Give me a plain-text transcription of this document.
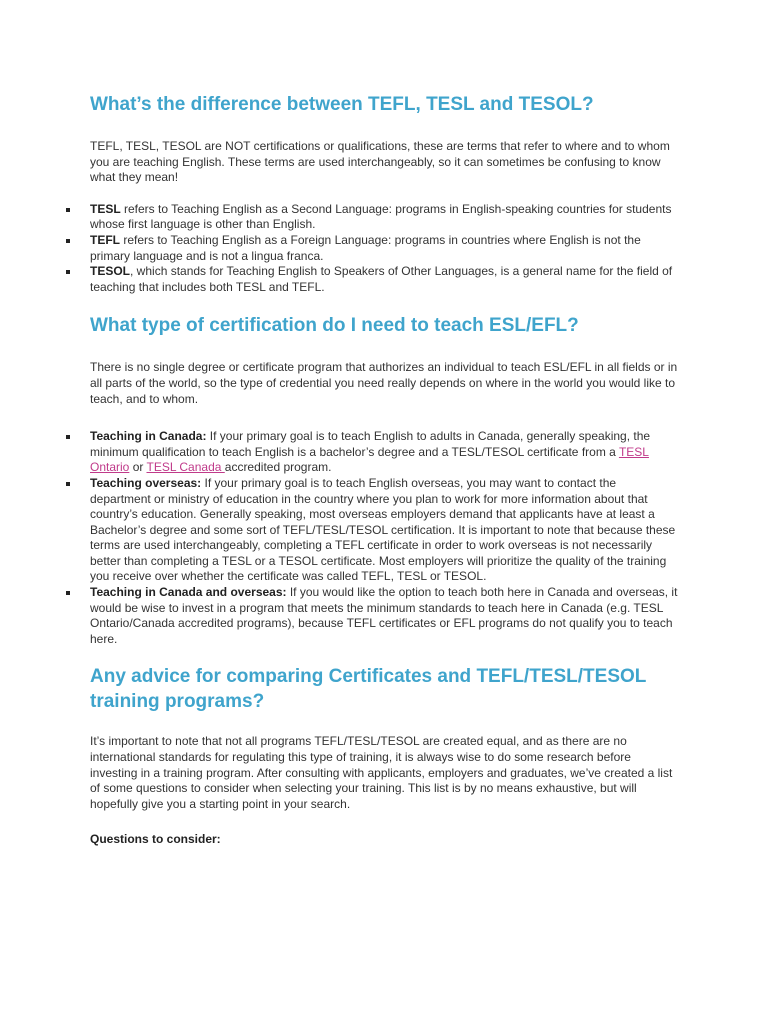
What’s the difference between TEFL, TESL and TESOL?

TEFL, TESL, TESOL are NOT certifications or qualifications, these are terms that refer to where and to whom you are teaching English. These terms are used interchangeably, so it can sometimes be confusing to know what they mean!

TESL refers to Teaching English as a Second Language: programs in English-speaking countries for students whose first language is other than English.
TEFL refers to Teaching English as a Foreign Language: programs in countries where English is not the primary language and is not a lingua franca.
TESOL, which stands for Teaching English to Speakers of Other Languages, is a general name for the field of teaching that includes both TESL and TEFL.
What type of certification do I need to teach ESL/EFL?

There is no single degree or certificate program that authorizes an individual to teach ESL/EFL in all fields or in all parts of the world, so the type of credential you need really depends on where in the world you would like to teach, and to whom.

Teaching in Canada: If your primary goal is to teach English to adults in Canada, generally speaking, the minimum qualification to teach English is a bachelor’s degree and a TESL/TESOL certificate from a TESL Ontario or TESL Canada accredited program.
Teaching overseas: If your primary goal is to teach English overseas, you may want to contact the department or ministry of education in the country where you plan to work for more information about that country’s education. Generally speaking, most overseas employers demand that applicants have at least a Bachelor’s degree and some sort of TEFL/TESL/TESOL certification. It is important to note that because these terms are used interchangeably, completing a TEFL certificate in order to work overseas is not necessarily better than completing a TESL or a TESOL certificate. Most employers will prioritize the quality of the training you receive over whether the certificate was called TEFL, TESL or TESOL.
Teaching in Canada and overseas: If you would like the option to teach both here in Canada and overseas, it would be wise to invest in a program that meets the minimum standards to teach here in Canada (e.g. TESL Ontario/Canada accredited programs), because TEFL certificates or EFL programs do not qualify you to teach here.
Any advice for comparing Certificates and TEFL/TESL/TESOL training programs?

It’s important to note that not all programs TEFL/TESL/TESOL are created equal, and as there are no international standards for regulating this type of training, it is always wise to do some research before investing in a training program. After consulting with applicants, employers and graduates, we’ve created a list of some questions to consider when selecting your training. This list is by no means exhaustive, but will hopefully give you a starting point in your search.

Questions to consider:
